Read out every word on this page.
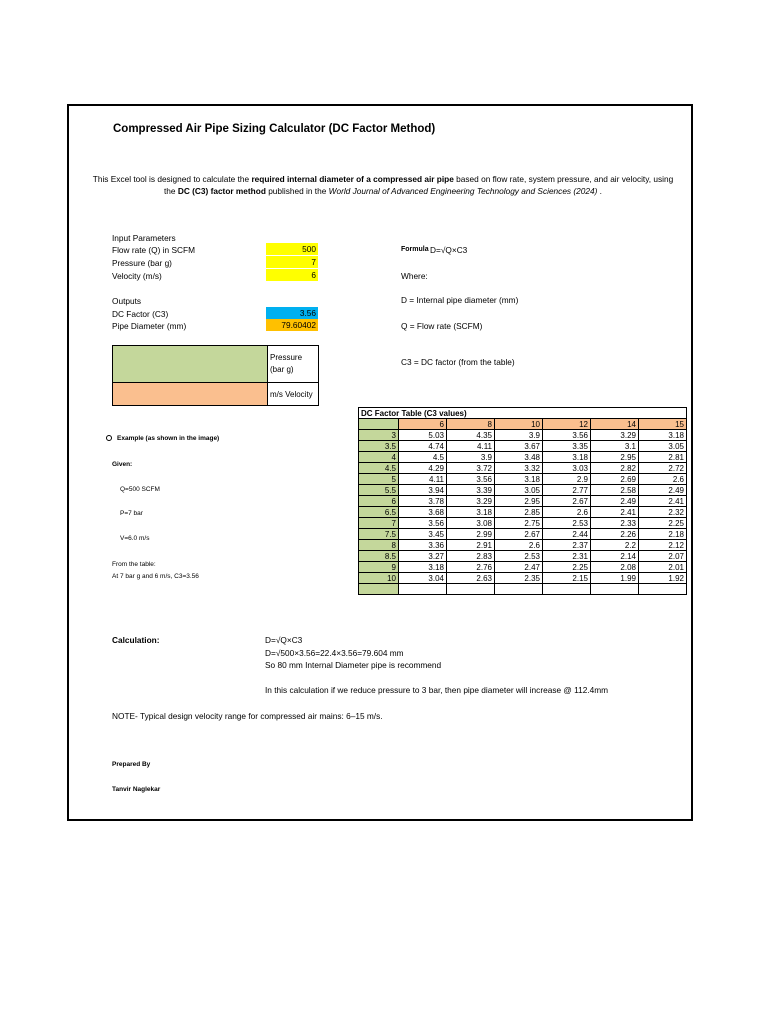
Compressed Air Pipe Sizing Calculator (DC Factor Method)
This Excel tool is designed to calculate the required internal diameter of a compressed air pipe based on flow rate, system pressure, and air velocity, using the DC (C3) factor method published in the World Journal of Advanced Engineering Technology and Sciences (2024) .
Input Parameters
Flow rate (Q) in SCFM	500
Pressure (bar g)	7
Velocity (m/s)	6
Outputs
DC Factor (C3)	3.56
Pipe Diameter (mm)	79.60402
	Pressure (bar g)
	m/s Velocity
Formula D=√Q×C3
Where:
D = Internal pipe diameter (mm)
Q = Flow rate (SCFM)
C3 = DC factor (from the table)
Example (as shown in the image)
Given:
Q=500 SCFM
P=7 bar
V=6.0 m/s
From the table:
At 7 bar g and 6 m/s, C3=3.56
DC Factor Table (C3 values)						
	6	8	10	12	14	15
3	5.03	4.35	3.9	3.56	3.29	3.18
3.5	4.74	4.11	3.67	3.35	3.1	3.05
4	4.5	3.9	3.48	3.18	2.95	2.81
4.5	4.29	3.72	3.32	3.03	2.82	2.72
5	4.11	3.56	3.18	2.9	2.69	2.6
5.5	3.94	3.39	3.05	2.77	2.58	2.49
6	3.78	3.29	2.95	2.67	2.49	2.41
6.5	3.68	3.18	2.85	2.6	2.41	2.32
7	3.56	3.08	2.75	2.53	2.33	2.25
7.5	3.45	2.99	2.67	2.44	2.26	2.18
8	3.36	2.91	2.6	2.37	2.2	2.12
8.5	3.27	2.83	2.53	2.31	2.14	2.07
9	3.18	2.76	2.47	2.25	2.08	2.01
10	3.04	2.63	2.35	2.15	1.99	1.92

Calculation:	D=√Q×C3
D=√500×3.56=22.4×3.56=79.604 mm
So 80 mm Internal Diameter pipe is recommend
In this calculation if we reduce pressure to 3 bar, then pipe diameter will increase @ 112.4mm
NOTE- Typical design velocity range for compressed air mains: 6–15 m/s.
Prepared By
Tanvir Naglekar
